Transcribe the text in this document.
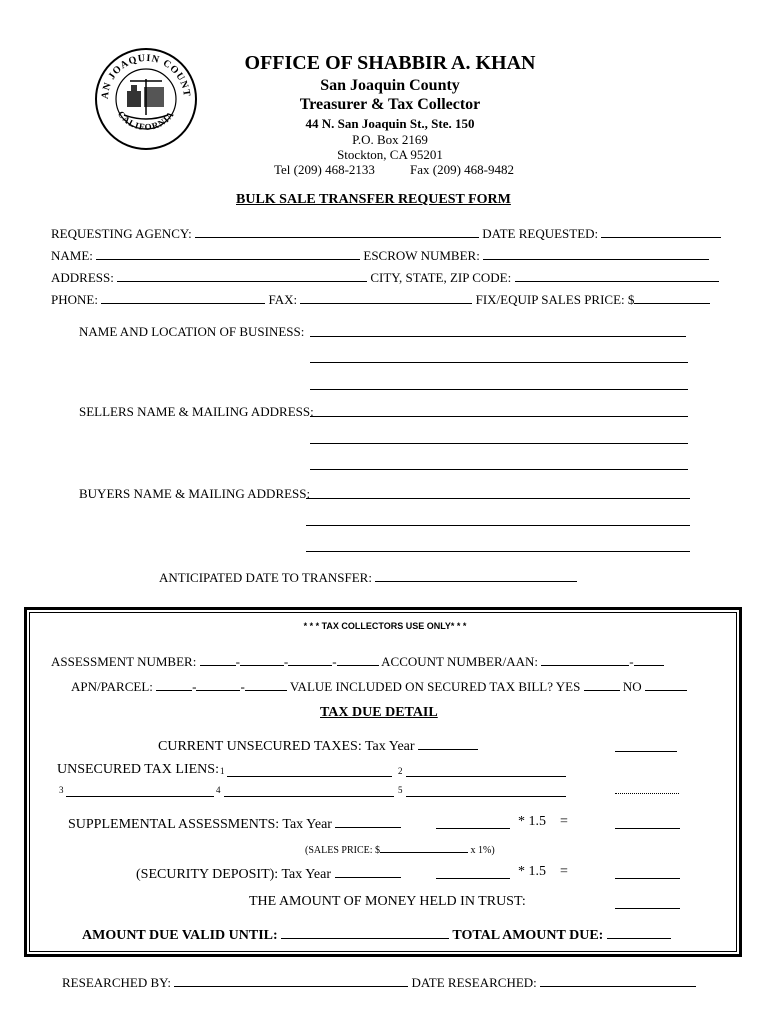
AN JOAQUIN COUNT
CALIFORNIA
OFFICE OF SHABBIR A. KHAN
San Joaquin County
Treasurer & Tax Collector
44 N. San Joaquin St., Ste. 150
P.O. Box 2169
Stockton, CA 95201
Tel (209) 468-2133	Fax (209) 468-9482
BULK SALE TRANSFER REQUEST FORM
REQUESTING AGENCY:	DATE REQUESTED:
NAME:	ESCROW NUMBER:
ADDRESS:	CITY, STATE, ZIP CODE:
PHONE:	FAX:	FIX/EQUIP SALES PRICE: $
NAME AND LOCATION OF BUSINESS:
SELLERS NAME & MAILING ADDRESS:
BUYERS NAME & MAILING ADDRESS:
ANTICIPATED DATE TO TRANSFER:
* * * TAX COLLECTORS USE ONLY* * *
ASSESSMENT NUMBER:	-	-	-	ACCOUNT NUMBER/AAN:	-
APN/PARCEL:	-	-	VALUE INCLUDED ON SECURED TAX BILL? YES	NO
TAX DUE DETAIL
CURRENT UNSECURED TAXES: Tax Year
UNSECURED TAX LIENS: 1	2
3	4	5
SUPPLEMENTAL ASSESSMENTS: Tax Year	* 1.5 =
(SALES PRICE: $	x 1%)
(SECURITY DEPOSIT): Tax Year	* 1.5 =
THE AMOUNT OF MONEY HELD IN TRUST:
AMOUNT DUE VALID UNTIL:	TOTAL AMOUNT DUE:
RESEARCHED BY:	DATE RESEARCHED:
